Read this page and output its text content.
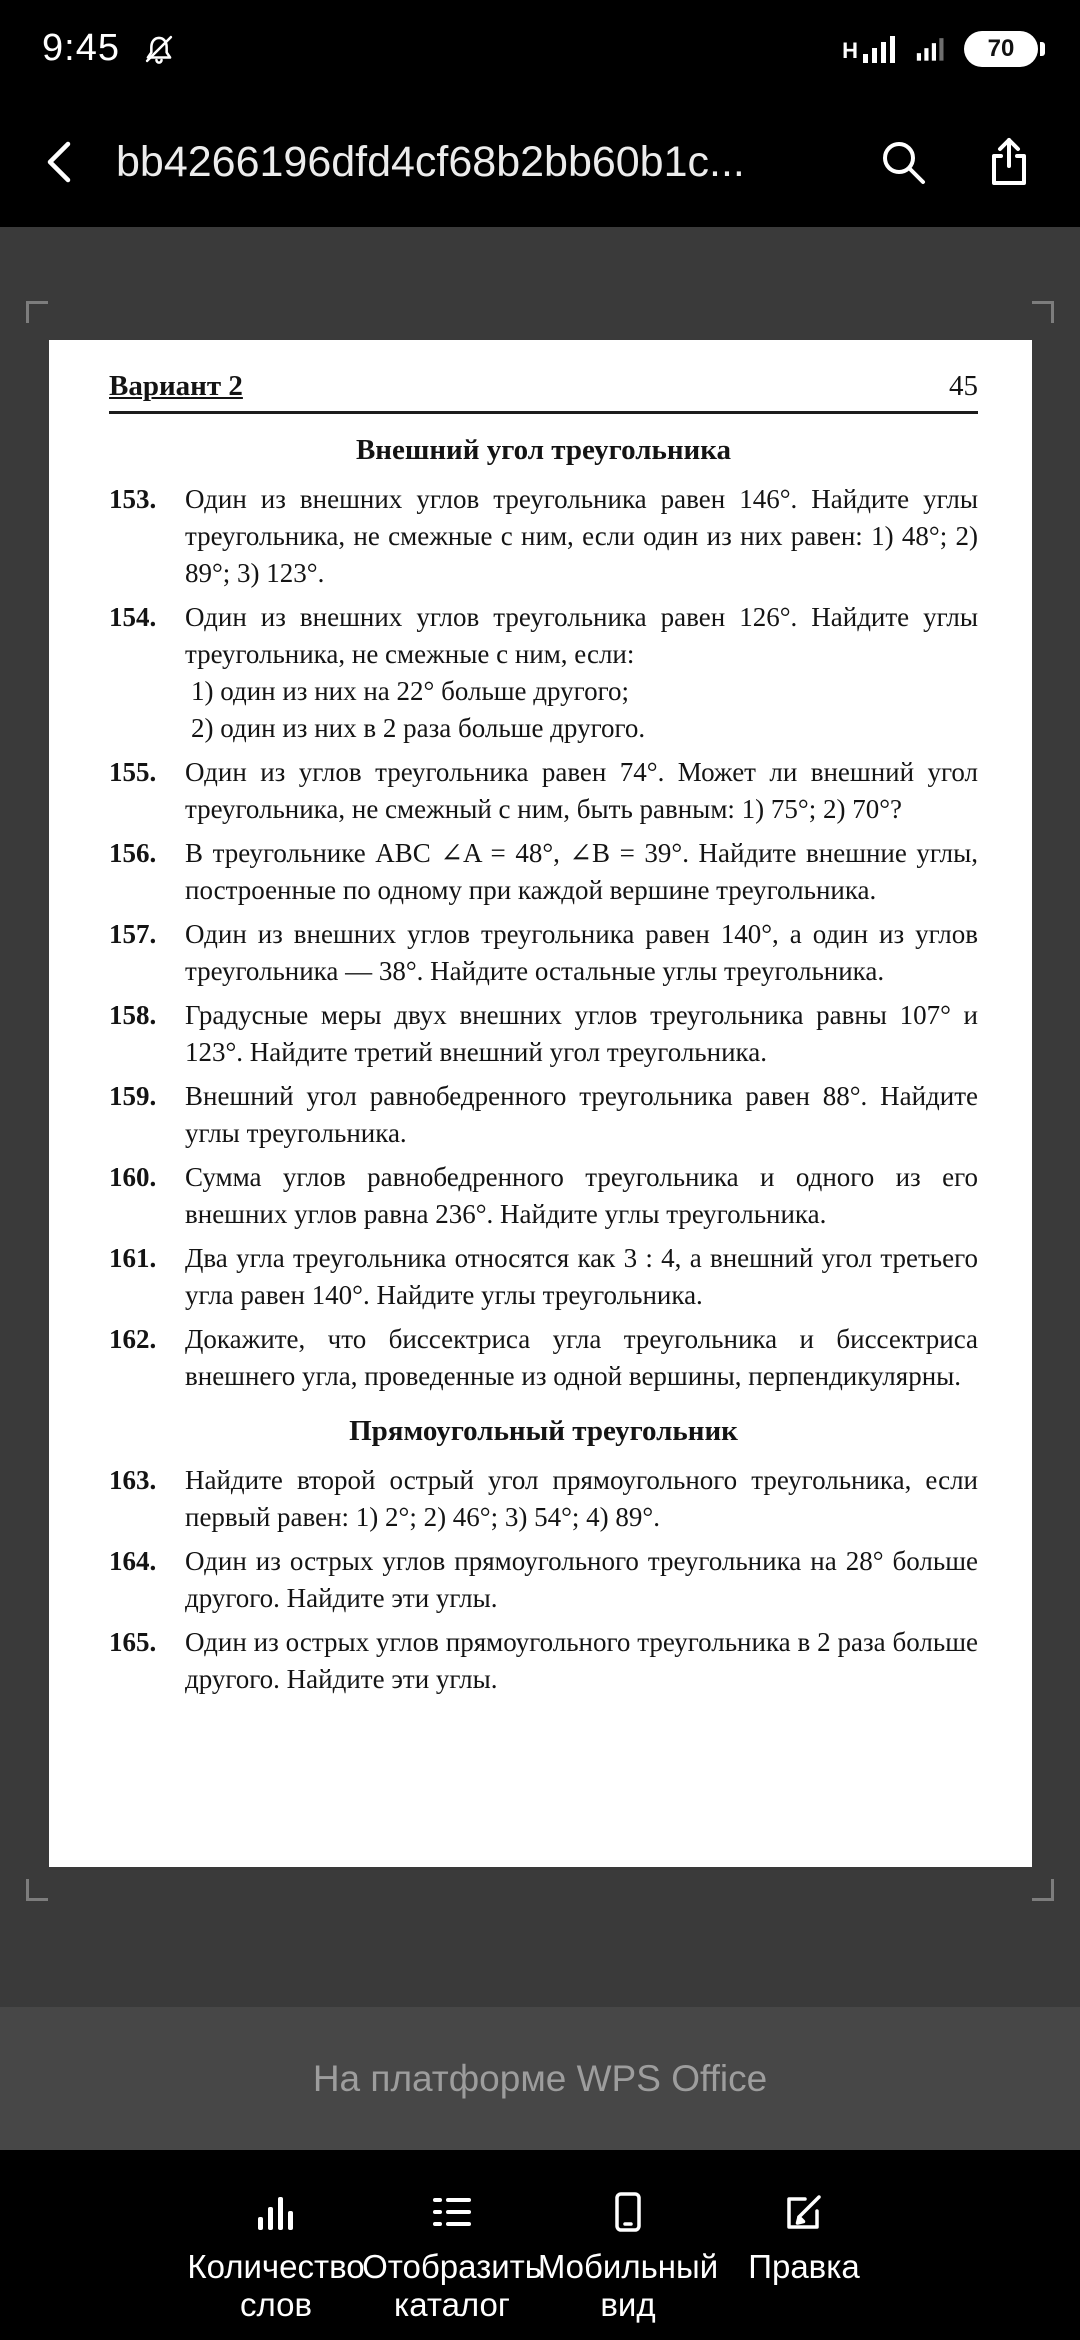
9:45	H	70
bb4266196dfd4cf68b2bb60b1c...
Вариант 2	45
Внешний угол треугольника
153.	Один из внешних углов треугольника равен 146°. Найдите углы треугольника, не смежные с ним, если один из них равен: 1) 48°; 2) 89°; 3) 123°.
154.	Один из внешних углов треугольника равен 126°. Найдите углы треугольника, не смежные с ним, если:
1) один из них на 22° больше другого;
2) один из них в 2 раза больше другого.
155.	Один из углов треугольника равен 74°. Может ли внешний угол треугольника, не смежный с ним, быть равным: 1) 75°; 2) 70°?
156.	В треугольнике ABC ∠A = 48°, ∠B = 39°. Найдите внешние углы, построенные по одному при каждой вершине треугольника.
157.	Один из внешних углов треугольника равен 140°, а один из углов треугольника — 38°. Найдите остальные углы треугольника.
158.	Градусные меры двух внешних углов треугольника равны 107° и 123°. Найдите третий внешний угол треугольника.
159.	Внешний угол равнобедренного треугольника равен 88°. Найдите углы треугольника.
160.	Сумма углов равнобедренного треугольника и одного из его внешних углов равна 236°. Найдите углы треугольника.
161.	Два угла треугольника относятся как 3 : 4, а внешний угол третьего угла равен 140°. Найдите углы треугольника.
162.	Докажите, что биссектриса угла треугольника и биссектриса внешнего угла, проведенные из одной вершины, перпендикулярны.
Прямоугольный треугольник
163.	Найдите второй острый угол прямоугольного треугольника, если первый равен: 1) 2°; 2) 46°; 3) 54°; 4) 89°.
164.	Один из острых углов прямоугольного треугольника на 28° больше другого. Найдите эти углы.
165.	Один из острых углов прямоугольного треугольника в 2 раза больше другого. Найдите эти углы.
На платформе WPS Office
Количество слов
Отобразить каталог
Мобильный вид
Правка
